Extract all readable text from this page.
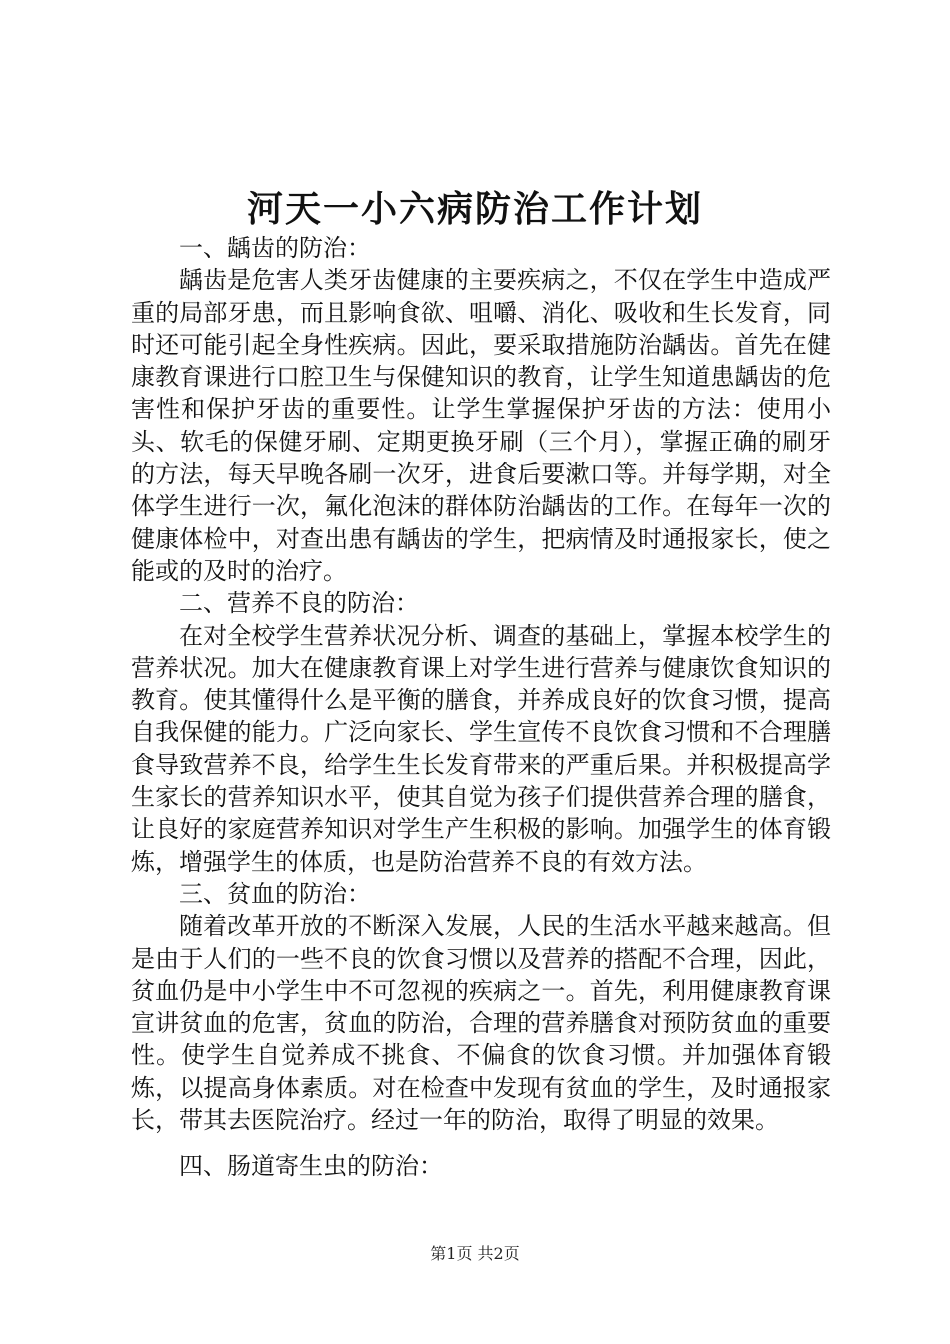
河天一小六病防治工作计划

一、龋齿的防治：

龋齿是危害人类牙齿健康的主要疾病之，不仅在学生中造成严重的局部牙患，而且影响食欲、咀嚼、消化、吸收和生长发育，同时还可能引起全身性疾病。因此，要采取措施防治龋齿。首先在健康教育课进行口腔卫生与保健知识的教育，让学生知道患龋齿的危害性和保护牙齿的重要性。让学生掌握保护牙齿的方法：使用小头、软毛的保健牙刷、定期更换牙刷（三个月），掌握正确的刷牙的方法，每天早晚各刷一次牙，进食后要漱口等。并每学期，对全体学生进行一次，氟化泡沫的群体防治龋齿的工作。在每年一次的健康体检中，对查出患有龋齿的学生，把病情及时通报家长，使之能或的及时的治疗。

二、营养不良的防治：

在对全校学生营养状况分析、调查的基础上，掌握本校学生的营养状况。加大在健康教育课上对学生进行营养与健康饮食知识的教育。使其懂得什么是平衡的膳食，并养成良好的饮食习惯，提高自我保健的能力。广泛向家长、学生宣传不良饮食习惯和不合理膳食导致营养不良，给学生生长发育带来的严重后果。并积极提高学生家长的营养知识水平，使其自觉为孩子们提供营养合理的膳食，让良好的家庭营养知识对学生产生积极的影响。加强学生的体育锻炼，增强学生的体质，也是防治营养不良的有效方法。

三、贫血的防治：

随着改革开放的不断深入发展，人民的生活水平越来越高。但是由于人们的一些不良的饮食习惯以及营养的搭配不合理，因此，贫血仍是中小学生中不可忽视的疾病之一。首先，利用健康教育课宣讲贫血的危害，贫血的防治，合理的营养膳食对预防贫血的重要性。使学生自觉养成不挑食、不偏食的饮食习惯。并加强体育锻炼，以提高身体素质。对在检查中发现有贫血的学生，及时通报家长，带其去医院治疗。经过一年的防治，取得了明显的效果。

四、肠道寄生虫的防治：

第1页 共2页
